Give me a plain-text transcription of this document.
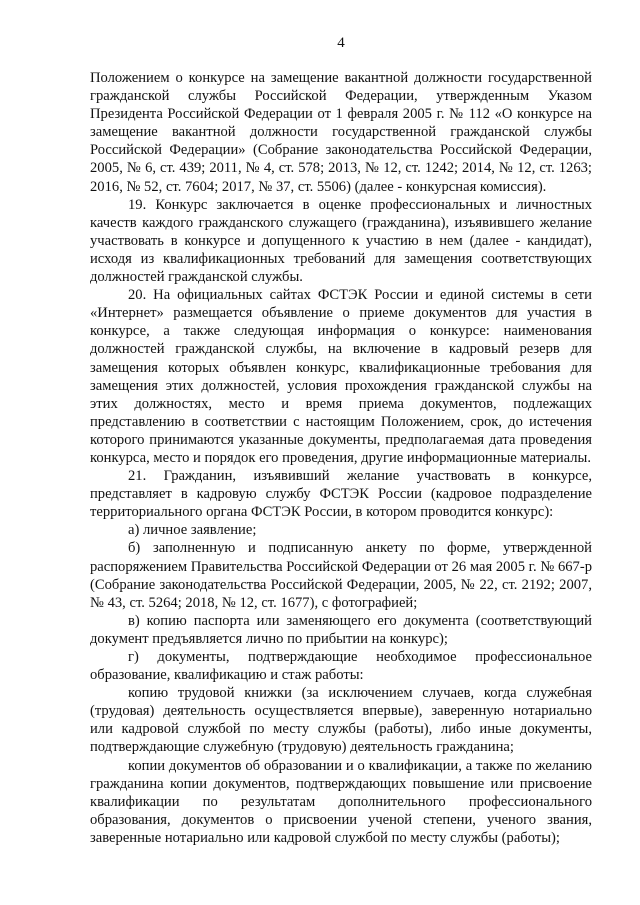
4

Положением о конкурсе на замещение вакантной должности государственной гражданской службы Российской Федерации, утвержденным Указом Президента Российской Федерации от 1 февраля 2005 г. № 112 «О конкурсе на замещение вакантной должности государственной гражданской службы Российской Федерации» (Собрание законодательства Российской Федерации, 2005, № 6, ст. 439; 2011, № 4, ст. 578; 2013, № 12, ст. 1242; 2014, № 12, ст. 1263; 2016, № 52, ст. 7604; 2017, № 37, ст. 5506) (далее - конкурсная комиссия).

19. Конкурс заключается в оценке профессиональных и личностных качеств каждого гражданского служащего (гражданина), изъявившего желание участвовать в конкурсе и допущенного к участию в нем (далее - кандидат), исходя из квалификационных требований для замещения соответствующих должностей гражданской службы.

20. На официальных сайтах ФСТЭК России и единой системы в сети «Интернет» размещается объявление о приеме документов для участия в конкурсе, а также следующая информация о конкурсе: наименования должностей гражданской службы, на включение в кадровый резерв для замещения которых объявлен конкурс, квалификационные требования для замещения этих должностей, условия прохождения гражданской службы на этих должностях, место и время приема документов, подлежащих представлению в соответствии с настоящим Положением, срок, до истечения которого принимаются указанные документы, предполагаемая дата проведения конкурса, место и порядок его проведения, другие информационные материалы.

21. Гражданин, изъявивший желание участвовать в конкурсе, представляет в кадровую службу ФСТЭК России (кадровое подразделение территориального органа ФСТЭК России, в котором проводится конкурс):

а) личное заявление;

б) заполненную и подписанную анкету по форме, утвержденной распоряжением Правительства Российской Федерации от 26 мая 2005 г. № 667-р (Собрание законодательства Российской Федерации, 2005, № 22, ст. 2192; 2007, № 43, ст. 5264; 2018, № 12, ст. 1677), с фотографией;

в) копию паспорта или заменяющего его документа (соответствующий документ предъявляется лично по прибытии на конкурс);

г) документы, подтверждающие необходимое профессиональное образование, квалификацию и стаж работы:

копию трудовой книжки (за исключением случаев, когда служебная (трудовая) деятельность осуществляется впервые), заверенную нотариально или кадровой службой по месту службы (работы), либо иные документы, подтверждающие служебную (трудовую) деятельность гражданина;

копии документов об образовании и о квалификации, а также по желанию гражданина копии документов, подтверждающих повышение или присвоение квалификации по результатам дополнительного профессионального образования, документов о присвоении ученой степени, ученого звания, заверенные нотариально или кадровой службой по месту службы (работы);
